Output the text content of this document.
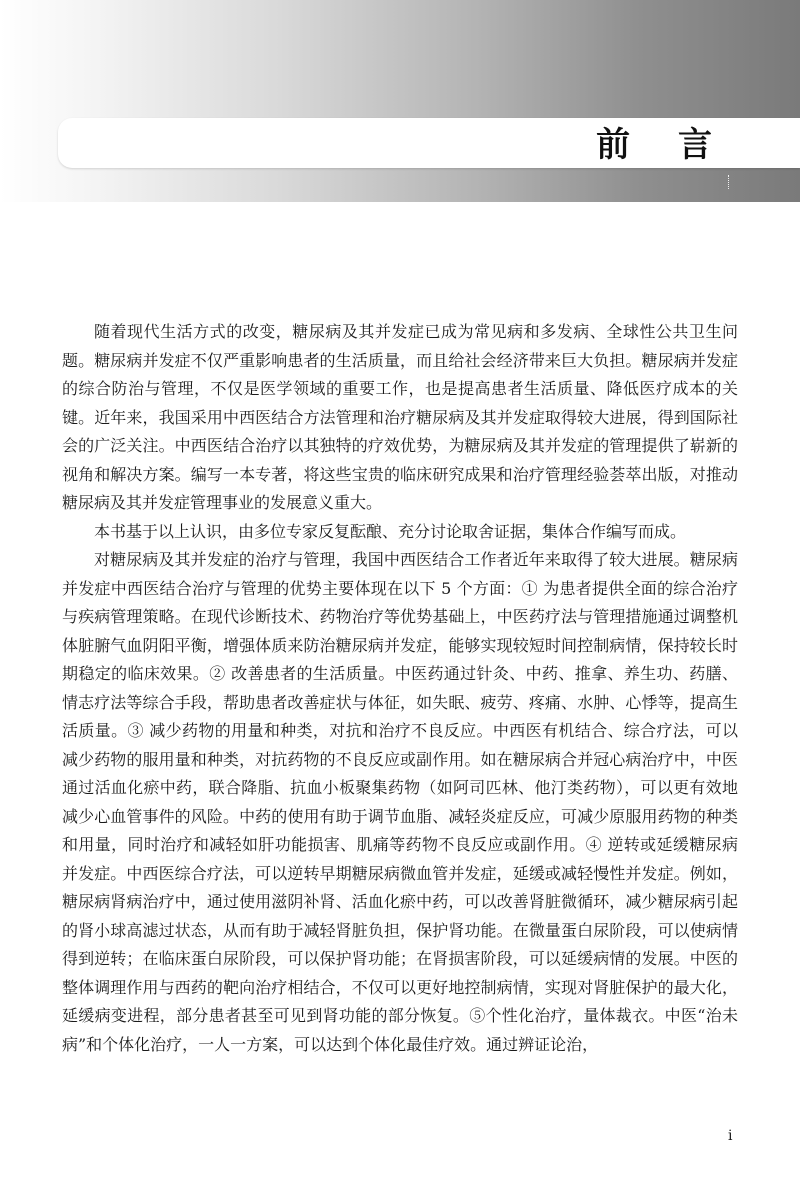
前 言

随着现代生活方式的改变，糖尿病及其并发症已成为常见病和多发病、全球性公共卫生问题。糖尿病并发症不仅严重影响患者的生活质量，而且给社会经济带来巨大负担。糖尿病并发症的综合防治与管理，不仅是医学领域的重要工作，也是提高患者生活质量、降低医疗成本的关键。近年来，我国采用中西医结合方法管理和治疗糖尿病及其并发症取得较大进展，得到国际社会的广泛关注。中西医结合治疗以其独特的疗效优势，为糖尿病及其并发症的管理提供了崭新的视角和解决方案。编写一本专著，将这些宝贵的临床研究成果和治疗管理经验荟萃出版，对推动糖尿病及其并发症管理事业的发展意义重大。

本书基于以上认识，由多位专家反复酝酿、充分讨论取舍证据，集体合作编写而成。

对糖尿病及其并发症的治疗与管理，我国中西医结合工作者近年来取得了较大进展。糖尿病并发症中西医结合治疗与管理的优势主要体现在以下 5 个方面：① 为患者提供全面的综合治疗与疾病管理策略。在现代诊断技术、药物治疗等优势基础上，中医药疗法与管理措施通过调整机体脏腑气血阴阳平衡，增强体质来防治糖尿病并发症，能够实现较短时间控制病情，保持较长时期稳定的临床效果。② 改善患者的生活质量。中医药通过针灸、中药、推拿、养生功、药膳、情志疗法等综合手段，帮助患者改善症状与体征，如失眠、疲劳、疼痛、水肿、心悸等，提高生活质量。③ 减少药物的用量和种类，对抗和治疗不良反应。中西医有机结合、综合疗法，可以减少药物的服用量和种类，对抗药物的不良反应或副作用。如在糖尿病合并冠心病治疗中，中医通过活血化瘀中药，联合降脂、抗血小板聚集药物（如阿司匹林、他汀类药物），可以更有效地减少心血管事件的风险。中药的使用有助于调节血脂、减轻炎症反应，可减少原服用药物的种类和用量，同时治疗和减轻如肝功能损害、肌痛等药物不良反应或副作用。④ 逆转或延缓糖尿病并发症。中西医综合疗法，可以逆转早期糖尿病微血管并发症，延缓或减轻慢性并发症。例如，糖尿病肾病治疗中，通过使用滋阴补肾、活血化瘀中药，可以改善肾脏微循环，减少糖尿病引起的肾小球高滤过状态，从而有助于减轻肾脏负担，保护肾功能。在微量蛋白尿阶段，可以使病情得到逆转；在临床蛋白尿阶段，可以保护肾功能；在肾损害阶段，可以延缓病情的发展。中医的整体调理作用与西药的靶向治疗相结合，不仅可以更好地控制病情，实现对肾脏保护的最大化，延缓病变进程，部分患者甚至可见到肾功能的部分恢复。⑤个性化治疗，量体裁衣。中医“治未病”和个体化治疗，一人一方案，可以达到个体化最佳疗效。通过辨证论治，

i
